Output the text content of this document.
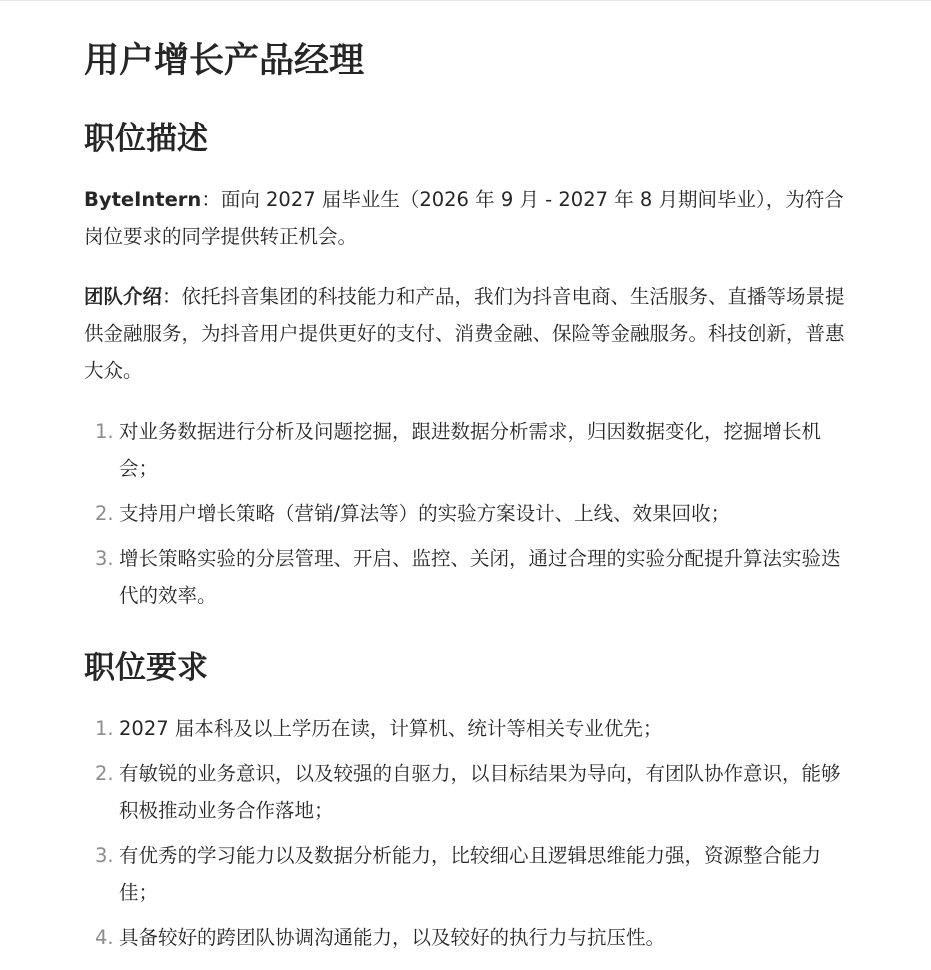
用户增长产品经理
职位描述

ByteIntern：面向 2027 届毕业生（2026 年 9 月 - 2027 年 8 月期间毕业），为符合岗位要求的同学提供转正机会。

团队介绍：依托抖音集团的科技能力和产品，我们为抖音电商、生活服务、直播等场景提供金融服务，为抖音用户提供更好的支付、消费金融、保险等金融服务。科技创新，普惠大众。

1. 对业务数据进行分析及问题挖掘，跟进数据分析需求，归因数据变化，挖掘增长机会；
2. 支持用户增长策略（营销/算法等）的实验方案设计、上线、效果回收；
3. 增长策略实验的分层管理、开启、监控、关闭，通过合理的实验分配提升算法实验迭代的效率。
职位要求
1. 2027 届本科及以上学历在读，计算机、统计等相关专业优先；
2. 有敏锐的业务意识，以及较强的自驱力，以目标结果为导向，有团队协作意识，能够积极推动业务合作落地；
3. 有优秀的学习能力以及数据分析能力，比较细心且逻辑思维能力强，资源整合能力佳；
4. 具备较好的跨团队协调沟通能力，以及较好的执行力与抗压性。
